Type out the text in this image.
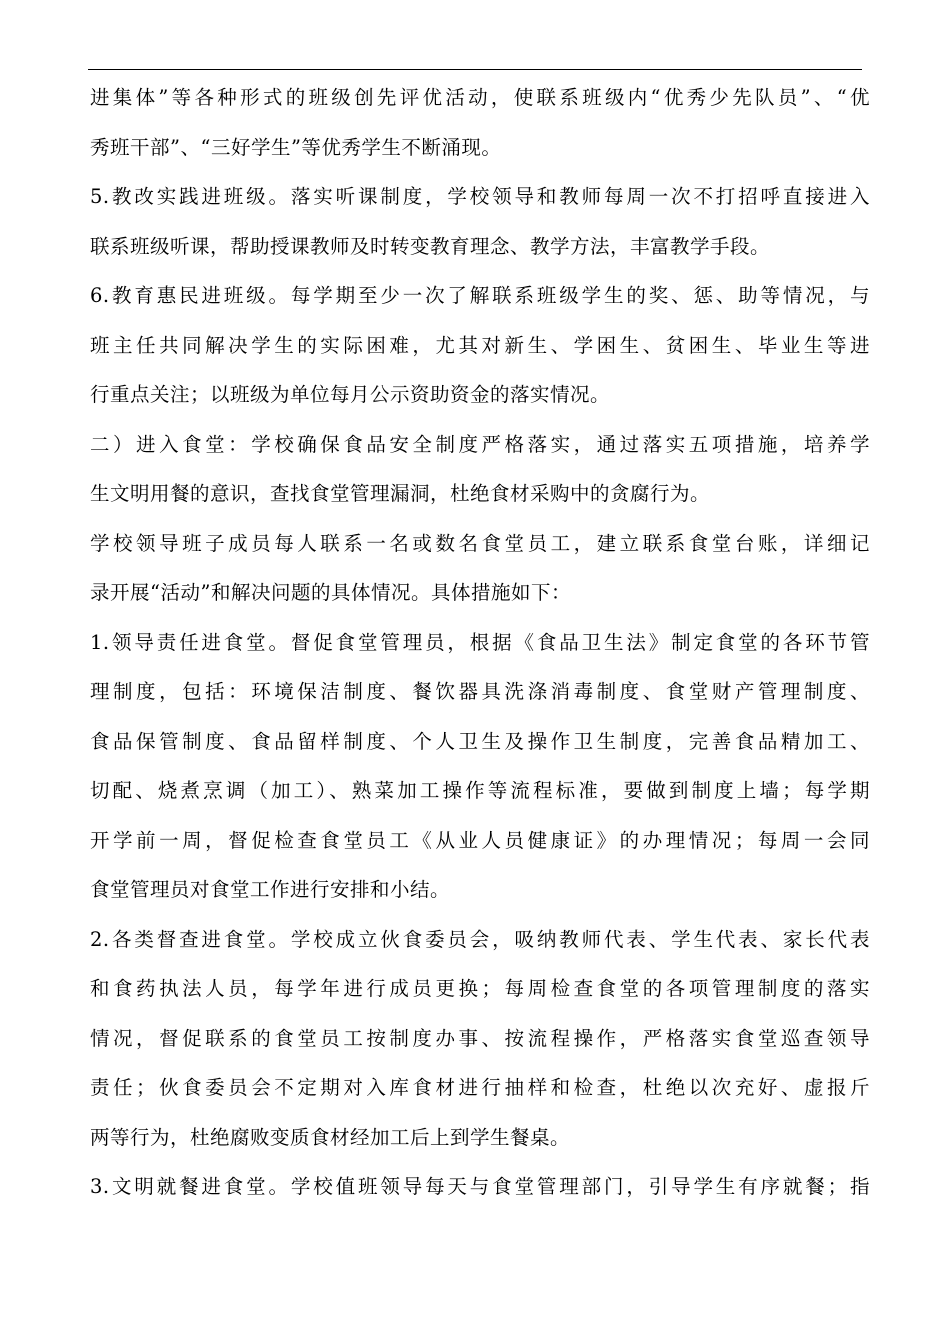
进集体”等各种形式的班级创先评优活动，使联系班级内“优秀少先队员”、“优
秀班干部”、“三好学生”等优秀学生不断涌现。
5.教改实践进班级。落实听课制度，学校领导和教师每周一次不打招呼直接进入
联系班级听课，帮助授课教师及时转变教育理念、教学方法，丰富教学手段。
6.教育惠民进班级。每学期至少一次了解联系班级学生的奖、惩、助等情况，与
班主任共同解决学生的实际困难，尤其对新生、学困生、贫困生、毕业生等进
行重点关注；以班级为单位每月公示资助资金的落实情况。
二）进入食堂：学校确保食品安全制度严格落实，通过落实五项措施，培养学
生文明用餐的意识，查找食堂管理漏洞，杜绝食材采购中的贪腐行为。
学校领导班子成员每人联系一名或数名食堂员工，建立联系食堂台账，详细记
录开展“活动”和解决问题的具体情况。具体措施如下：
1.领导责任进食堂。督促食堂管理员，根据《食品卫生法》制定食堂的各环节管
理制度，包括：环境保洁制度、餐饮器具洗涤消毒制度、食堂财产管理制度、
食品保管制度、食品留样制度、个人卫生及操作卫生制度，完善食品精加工、
切配、烧煮烹调（加工）、熟菜加工操作等流程标准，要做到制度上墙；每学期
开学前一周，督促检查食堂员工《从业人员健康证》的办理情况；每周一会同
食堂管理员对食堂工作进行安排和小结。
2.各类督查进食堂。学校成立伙食委员会，吸纳教师代表、学生代表、家长代表
和食药执法人员，每学年进行成员更换；每周检查食堂的各项管理制度的落实
情况，督促联系的食堂员工按制度办事、按流程操作，严格落实食堂巡查领导
责任；伙食委员会不定期对入库食材进行抽样和检查，杜绝以次充好、虚报斤
两等行为，杜绝腐败变质食材经加工后上到学生餐桌。
3.文明就餐进食堂。学校值班领导每天与食堂管理部门，引导学生有序就餐；指
